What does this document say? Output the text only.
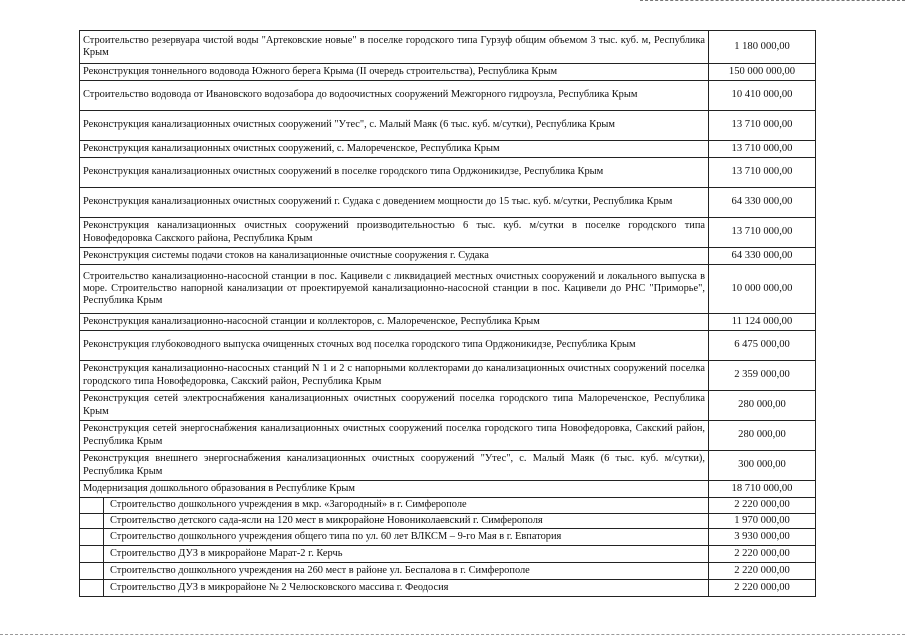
Строительство резервуара чистой воды "Артековские новые" в поселке городского типа Гурзуф общим объемом 3 тыс. куб. м, Республика Крым		1 180 000,00
Реконструкция тоннельного водовода Южного берега Крыма (II очередь строительства), Республика Крым		150 000 000,00
Строительство водовода от Ивановского водозабора до водоочистных сооружений Межгорного гидроузла, Республика Крым		10 410 000,00
Реконструкция канализационных очистных сооружений "Утес", с. Малый Маяк (6 тыс. куб. м/сутки), Республика Крым		13 710 000,00
Реконструкция канализационных очистных сооружений, с. Малореченское, Республика Крым		13 710 000,00
Реконструкция канализационных очистных сооружений в поселке городского типа Орджоникидзе, Республика Крым		13 710 000,00
Реконструкция канализационных очистных сооружений г. Судака с доведением мощности до 15 тыс. куб. м/сутки, Республика Крым		64 330 000,00
Реконструкция канализационных очистных сооружений производительностью 6 тыс. куб. м/сутки в поселке городского типа Новофедоровка Сакского района, Республика Крым		13 710 000,00
Реконструкция системы подачи стоков на канализационные очистные сооружения г. Судака		64 330 000,00
Строительство канализационно-насосной станции в пос. Кацивели с ликвидацией местных очистных сооружений и локального выпуска в море. Строительство напорной канализации от проектируемой канализационно-насосной станции в пос. Кацивели до РНС "Приморье", Республика Крым		10 000 000,00
Реконструкция канализационно-насосной станции и коллекторов, с. Малореченское, Республика Крым		11 124 000,00
Реконструкция глубоководного выпуска очищенных сточных вод поселка городского типа Орджоникидзе, Республика Крым		6 475 000,00
Реконструкция канализационно-насосных станций N 1 и 2 с напорными коллекторами до канализационных очистных сооружений поселка городского типа Новофедоровка, Сакский район, Республика Крым		2 359 000,00
Реконструкция сетей электроснабжения канализационных очистных сооружений поселка городского типа Малореченское, Республика Крым		280 000,00
Реконструкция сетей энергоснабжения канализационных очистных сооружений поселка городского типа Новофедоровка, Сакский район, Республика Крым		280 000,00
Реконструкция внешнего энергоснабжения канализационных очистных сооружений "Утес", с. Малый Маяк (6 тыс. куб. м/сутки), Республика Крым		300 000,00
Модернизация дошкольного образования в Республике Крым		18 710 000,00
	Строительство дошкольного учреждения в мкр. «Загородный» в г. Симферополе	2 220 000,00
	Строительство детского сада-ясли на 120 мест в микрорайоне Новониколаевский г. Симферополя	1 970 000,00
	Строительство дошкольного учреждения общего типа по ул. 60 лет ВЛКСМ – 9-го Мая в г. Евпатория	3 930 000,00
	Строительство ДУЗ в микрорайоне Марат-2 г. Керчь	2 220 000,00
	Строительство дошкольного учреждения на 260 мест в районе ул. Беспалова в г. Симферополе	2 220 000,00
	Строительство ДУЗ в микрорайоне № 2 Челюсковского массива г. Феодосия	2 220 000,00
